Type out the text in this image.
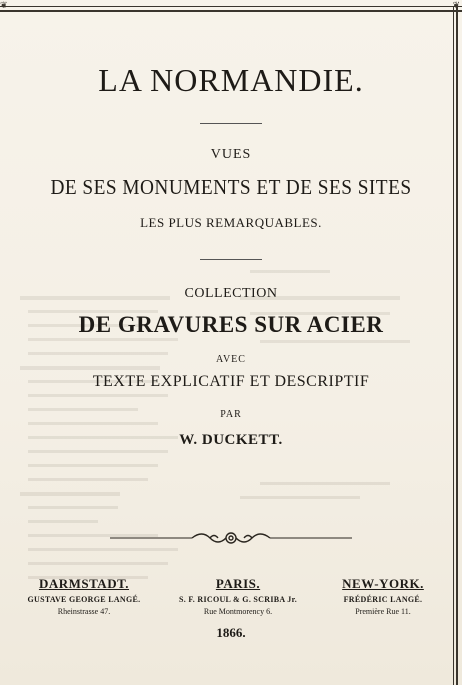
❦	❦
LA NORMANDIE.
VUES
DE SES MONUMENTS ET DE SES SITES
LES PLUS REMARQUABLES.
COLLECTION
DE GRAVURES SUR ACIER
AVEC
TEXTE EXPLICATIF ET DESCRIPTIF
PAR
W. DUCKETT.
DARMSTADT.
GUSTAVE GEORGE LANGÉ.
Rheinstrasse 47.
PARIS.
S. F. RICOUL & G. SCRIBA Jr.
Rue Montmorency 6.
NEW-YORK.
FRÉDÉRIC LANGÉ.
Première Rue 11.
1866.
